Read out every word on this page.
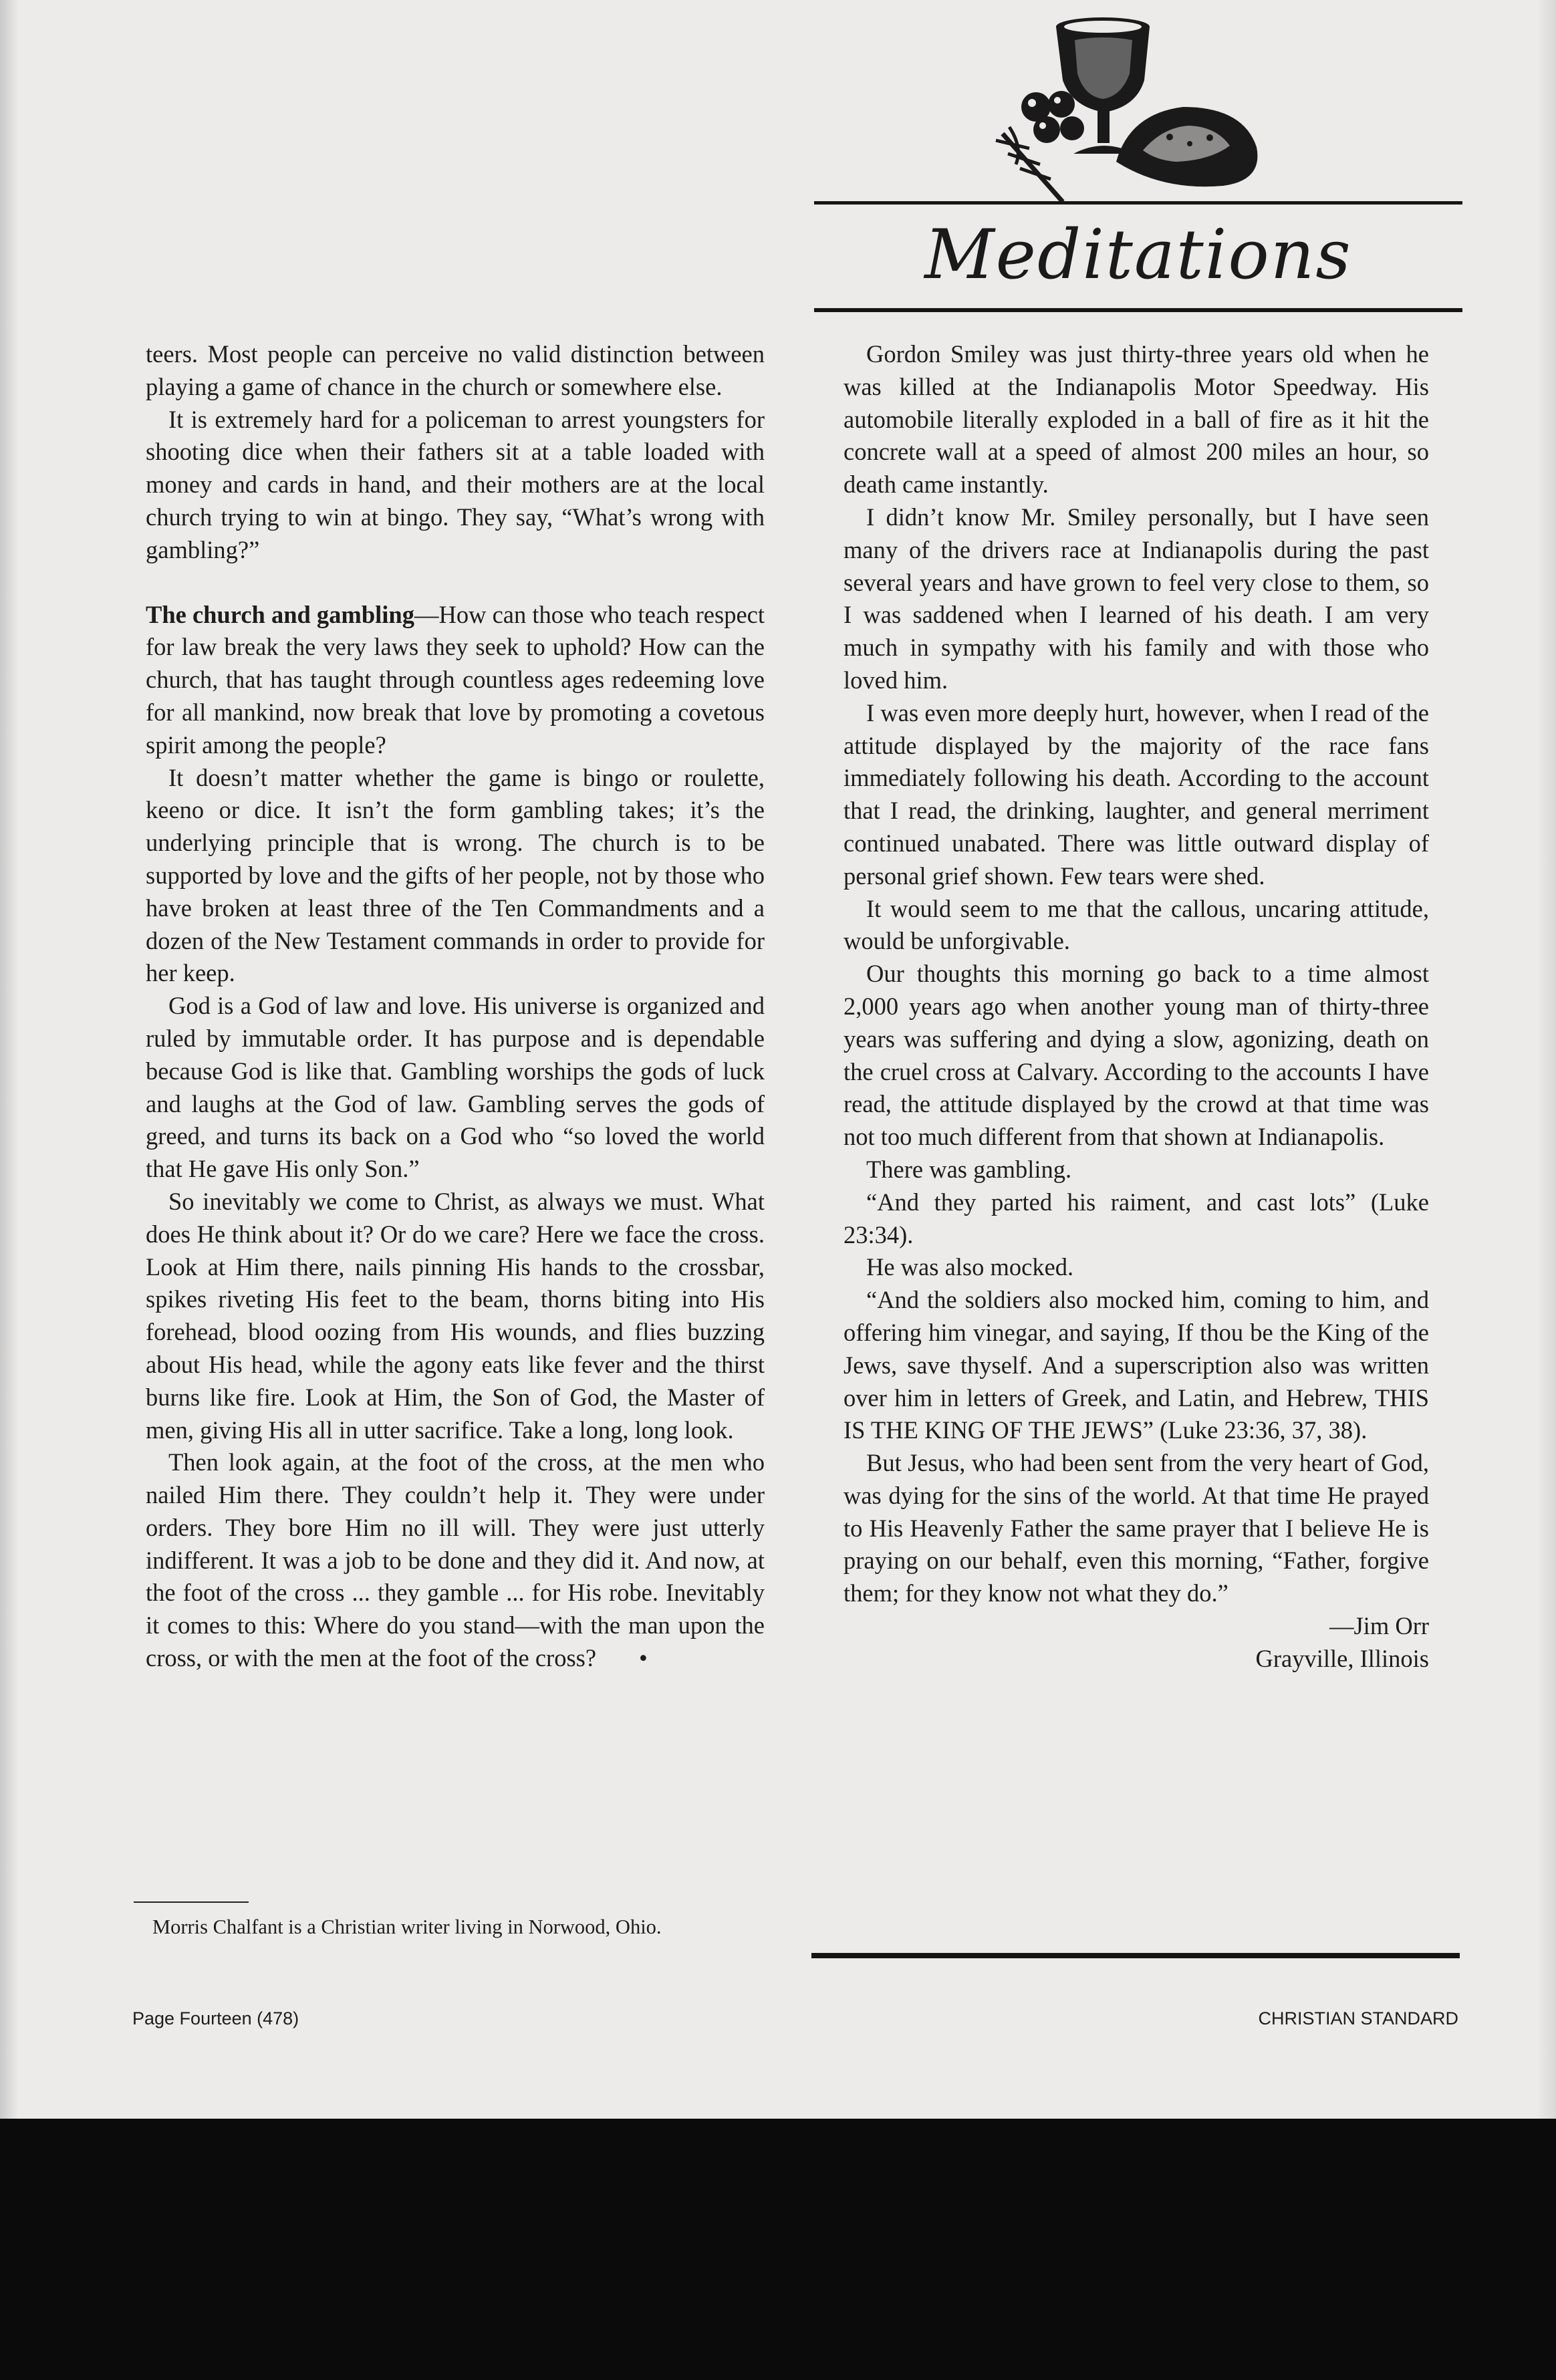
Meditations

teers. Most people can perceive no valid distinction between playing a game of chance in the church or somewhere else.

It is extremely hard for a policeman to arrest youngsters for shooting dice when their fathers sit at a table loaded with money and cards in hand, and their mothers are at the local church trying to win at bingo. They say, “What’s wrong with gambling?”

The church and gambling—How can those who teach respect for law break the very laws they seek to uphold? How can the church, that has taught through countless ages redeeming love for all mankind, now break that love by promoting a covetous spirit among the people?

It doesn’t matter whether the game is bingo or roulette, keeno or dice. It isn’t the form gambling takes; it’s the underlying principle that is wrong. The church is to be supported by love and the gifts of her people, not by those who have broken at least three of the Ten Commandments and a dozen of the New Testament commands in order to provide for her keep.

God is a God of law and love. His universe is organized and ruled by immutable order. It has purpose and is dependable because God is like that. Gambling worships the gods of luck and laughs at the God of law. Gambling serves the gods of greed, and turns its back on a God who “so loved the world that He gave His only Son.”

So inevitably we come to Christ, as always we must. What does He think about it? Or do we care? Here we face the cross. Look at Him there, nails pinning His hands to the crossbar, spikes riveting His feet to the beam, thorns biting into His forehead, blood oozing from His wounds, and flies buzzing about His head, while the agony eats like fever and the thirst burns like fire. Look at Him, the Son of God, the Master of men, giving His all in utter sacrifice. Take a long, long look.

Then look again, at the foot of the cross, at the men who nailed Him there. They couldn’t help it. They were under orders. They bore Him no ill will. They were just utterly indifferent. It was a job to be done and they did it. And now, at the foot of the cross ... they gamble ... for His robe. Inevitably it comes to this: Where do you stand—with the man upon the cross, or with the men at the foot of the cross? •

Morris Chalfant is a Christian writer living in Norwood, Ohio.

Gordon Smiley was just thirty-three years old when he was killed at the Indianapolis Motor Speedway. His automobile literally exploded in a ball of fire as it hit the concrete wall at a speed of almost 200 miles an hour, so death came instantly.

I didn’t know Mr. Smiley personally, but I have seen many of the drivers race at Indianapolis during the past several years and have grown to feel very close to them, so I was saddened when I learned of his death. I am very much in sympathy with his family and with those who loved him.

I was even more deeply hurt, however, when I read of the attitude displayed by the majority of the race fans immediately following his death. According to the account that I read, the drinking, laughter, and general merriment continued unabated. There was little outward display of personal grief shown. Few tears were shed.

It would seem to me that the callous, uncaring attitude, would be unforgivable.

Our thoughts this morning go back to a time almost 2,000 years ago when another young man of thirty-three years was suffering and dying a slow, agonizing, death on the cruel cross at Calvary. According to the accounts I have read, the attitude displayed by the crowd at that time was not too much different from that shown at Indianapolis.

There was gambling.

“And they parted his raiment, and cast lots” (Luke 23:34).

He was also mocked.

“And the soldiers also mocked him, coming to him, and offering him vinegar, and saying, If thou be the King of the Jews, save thyself. And a superscription also was written over him in letters of Greek, and Latin, and Hebrew, THIS IS THE KING OF THE JEWS” (Luke 23:36, 37, 38).

But Jesus, who had been sent from the very heart of God, was dying for the sins of the world. At that time He prayed to His Heavenly Father the same prayer that I believe He is praying on our behalf, even this morning, “Father, forgive them; for they know not what they do.”

—Jim Orr

Grayville, Illinois

Page Fourteen (478)	CHRISTIAN STANDARD
